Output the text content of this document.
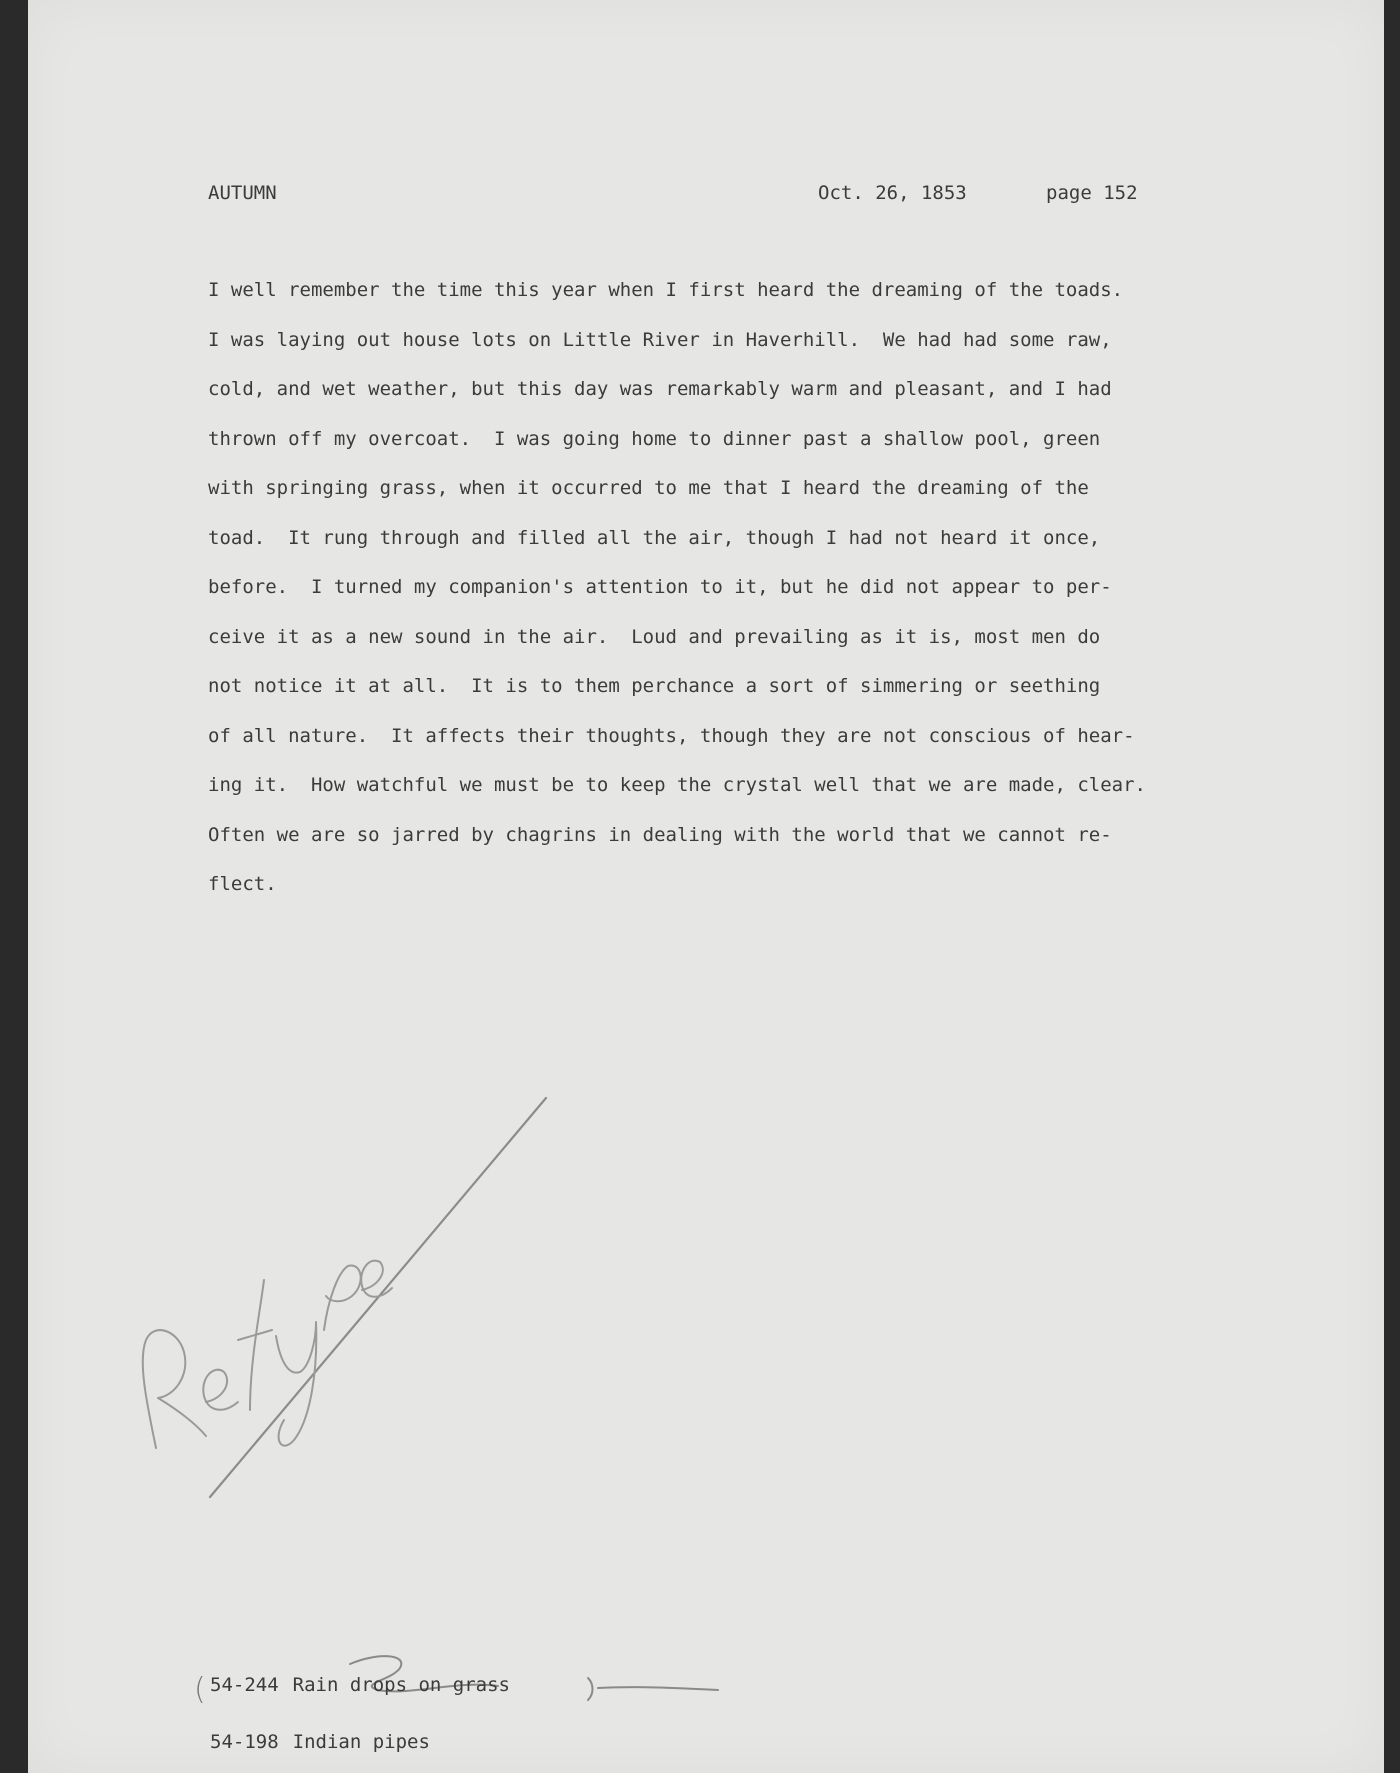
AUTUMN	Oct. 26, 1853	page 152
I well remember the time this year when I first heard the dreaming of the toads.
I was laying out house lots on Little River in Haverhill.  We had had some raw,
cold, and wet weather, but this day was remarkably warm and pleasant, and I had
thrown off my overcoat.  I was going home to dinner past a shallow pool, green
with springing grass, when it occurred to me that I heard the dreaming of the
toad.  It rung through and filled all the air, though I had not heard it once,
before.  I turned my companion's attention to it, but he did not appear to per-
ceive it as a new sound in the air.  Loud and prevailing as it is, most men do
not notice it at all.  It is to them perchance a sort of simmering or seething
of all nature.  It affects their thoughts, though they are not conscious of hear-
ing it.  How watchful we must be to keep the crystal well that we are made, clear.
Often we are so jarred by chagrins in dealing with the world that we cannot re-
flect.
( 54-244 Rain drops on grass
54-198 Indian pipes
